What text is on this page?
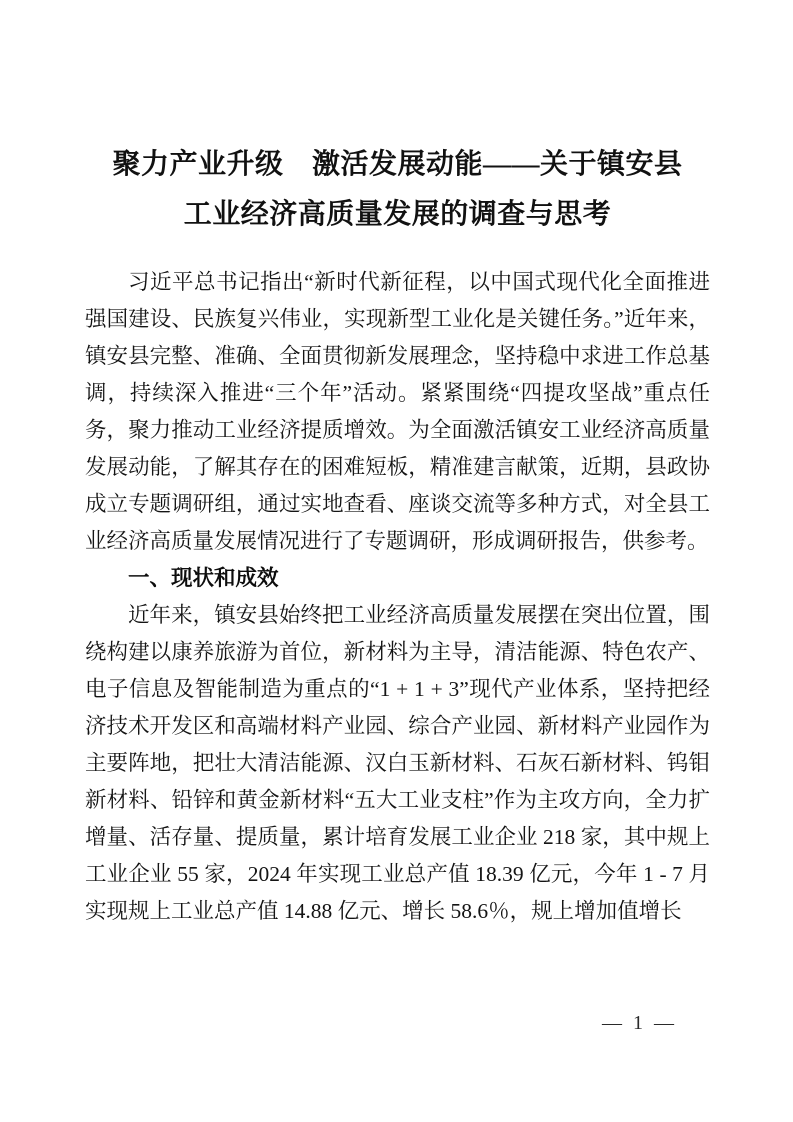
聚力产业升级　激活发展动能——关于镇安县
工业经济高质量发展的调查与思考

习近平总书记指出“新时代新征程，以中国式现代化全面推进强国建设、民族复兴伟业，实现新型工业化是关键任务。”近年来，镇安县完整、准确、全面贯彻新发展理念，坚持稳中求进工作总基调，持续深入推进“三个年”活动。紧紧围绕“四提攻坚战”重点任务，聚力推动工业经济提质增效。为全面激活镇安工业经济高质量发展动能，了解其存在的困难短板，精准建言献策，近期，县政协成立专题调研组，通过实地查看、座谈交流等多种方式，对全县工业经济高质量发展情况进行了专题调研，形成调研报告，供参考。

一、现状和成效

近年来，镇安县始终把工业经济高质量发展摆在突出位置，围绕构建以康养旅游为首位，新材料为主导，清洁能源、特色农产、电子信息及智能制造为重点的“1 + 1 + 3”现代产业体系，坚持把经济技术开发区和高端材料产业园、综合产业园、新材料产业园作为主要阵地，把壮大清洁能源、汉白玉新材料、石灰石新材料、钨钼新材料、铅锌和黄金新材料“五大工业支柱”作为主攻方向，全力扩增量、活存量、提质量，累计培育发展工业企业 218 家，其中规上工业企业 55 家，2024 年实现工业总产值 18.39 亿元，今年 1 - 7 月实现规上工业总产值 14.88 亿元、增长 58.6％，规上增加值增长

— 1 —
